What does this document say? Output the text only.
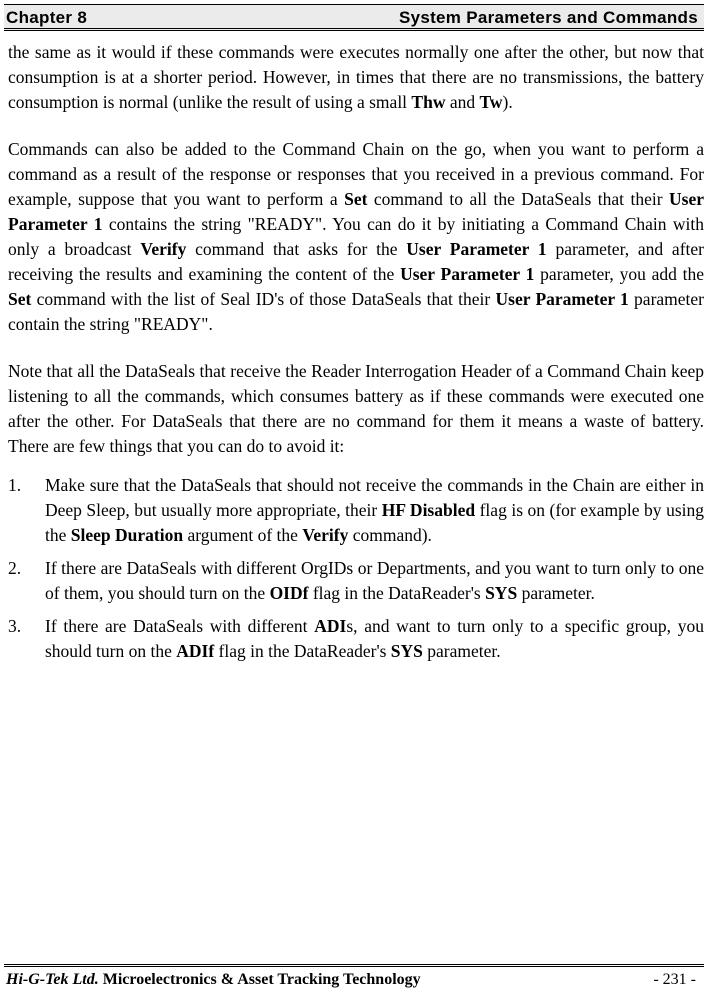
Chapter 8	System Parameters and Commands

the same as it would if these commands were executes normally one after the other, but now that consumption is at a shorter period. However, in times that there are no transmissions, the battery consumption is normal (unlike the result of using a small Thw and Tw).

Commands can also be added to the Command Chain on the go, when you want to perform a command as a result of the response or responses that you received in a previous command. For example, suppose that you want to perform a Set command to all the DataSeals that their User Parameter 1 contains the string "READY". You can do it by initiating a Command Chain with only a broadcast Verify command that asks for the User Parameter 1 parameter, and after receiving the results and examining the content of the User Parameter 1 parameter, you add the Set command with the list of Seal ID's of those DataSeals that their User Parameter 1 parameter contain the string "READY".

Note that all the DataSeals that receive the Reader Interrogation Header of a Command Chain keep listening to all the commands, which consumes battery as if these commands were executed one after the other. For DataSeals that there are no command for them it means a waste of battery. There are few things that you can do to avoid it:

1. Make sure that the DataSeals that should not receive the commands in the Chain are either in Deep Sleep, but usually more appropriate, their HF Disabled flag is on (for example by using the Sleep Duration argument of the Verify command).
2. If there are DataSeals with different OrgIDs or Departments, and you want to turn only to one of them, you should turn on the OIDf flag in the DataReader's SYS parameter.
3. If there are DataSeals with different ADIs, and want to turn only to a specific group, you should turn on the ADIf flag in the DataReader's SYS parameter.
Hi-G-Tek Ltd. Microelectronics & Asset Tracking Technology	- 231 -
